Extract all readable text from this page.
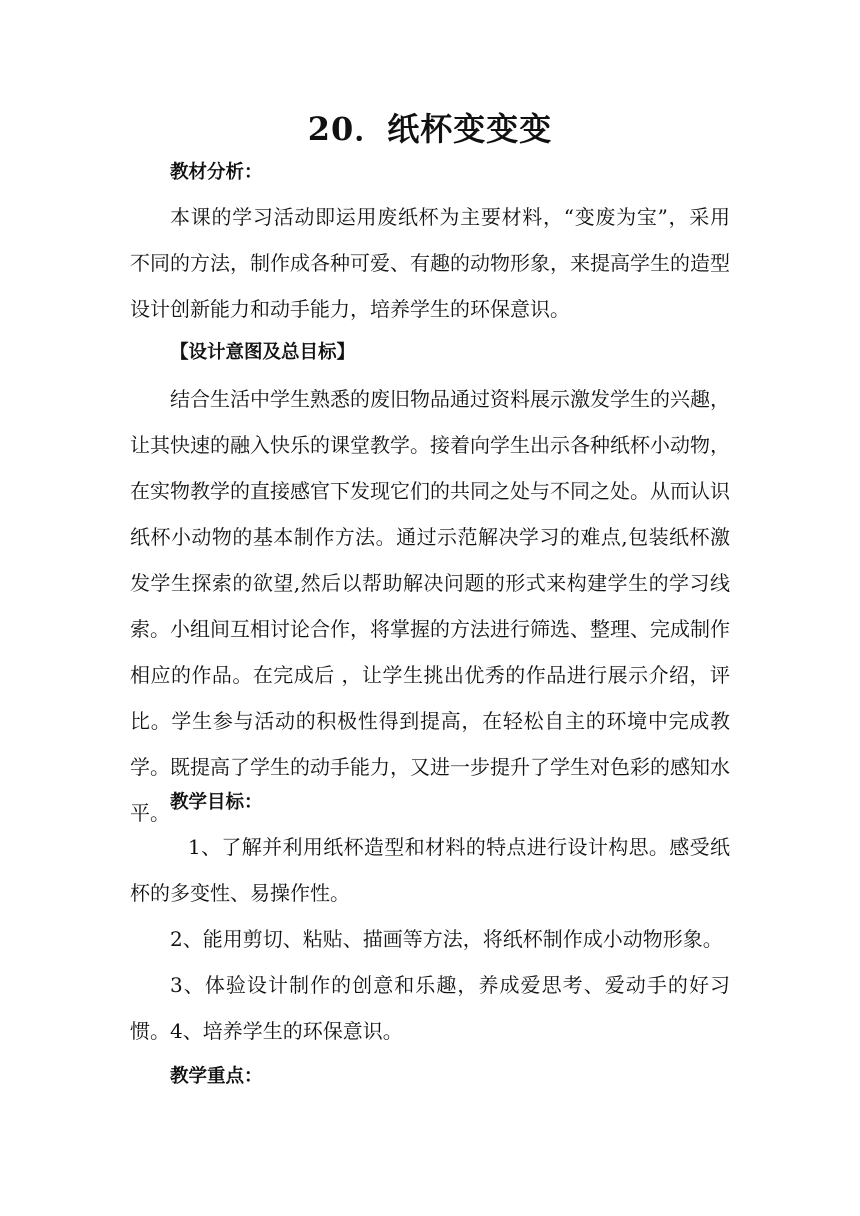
20．纸杯变变变
教材分析：
本课的学习活动即运用废纸杯为主要材料，“变废为宝”，采用不同的方法，制作成各种可爱、有趣的动物形象，来提高学生的造型设计创新能力和动手能力，培养学生的环保意识。
【设计意图及总目标】
结合生活中学生熟悉的废旧物品通过资料展示激发学生的兴趣，让其快速的融入快乐的课堂教学。接着向学生出示各种纸杯小动物，在实物教学的直接感官下发现它们的共同之处与不同之处。从而认识纸杯小动物的基本制作方法。通过示范解决学习的难点,包装纸杯激发学生探索的欲望,然后以帮助解决问题的形式来构建学生的学习线索。小组间互相讨论合作，将掌握的方法进行筛选、整理、完成制作相应的作品。在完成后 ，让学生挑出优秀的作品进行展示介绍，评比。学生参与活动的积极性得到提高，在轻松自主的环境中完成教学。既提高了学生的动手能力，又进一步提升了学生对色彩的感知水平。 教学目标：
1、了解并利用纸杯造型和材料的特点进行设计构思。感受纸杯的多变性、易操作性。
2、能用剪切、粘贴、描画等方法，将纸杯制作成小动物形象。
3、体验设计制作的创意和乐趣，养成爱思考、爱动手的好习惯。 4、培养学生的环保意识。
教学重点：
